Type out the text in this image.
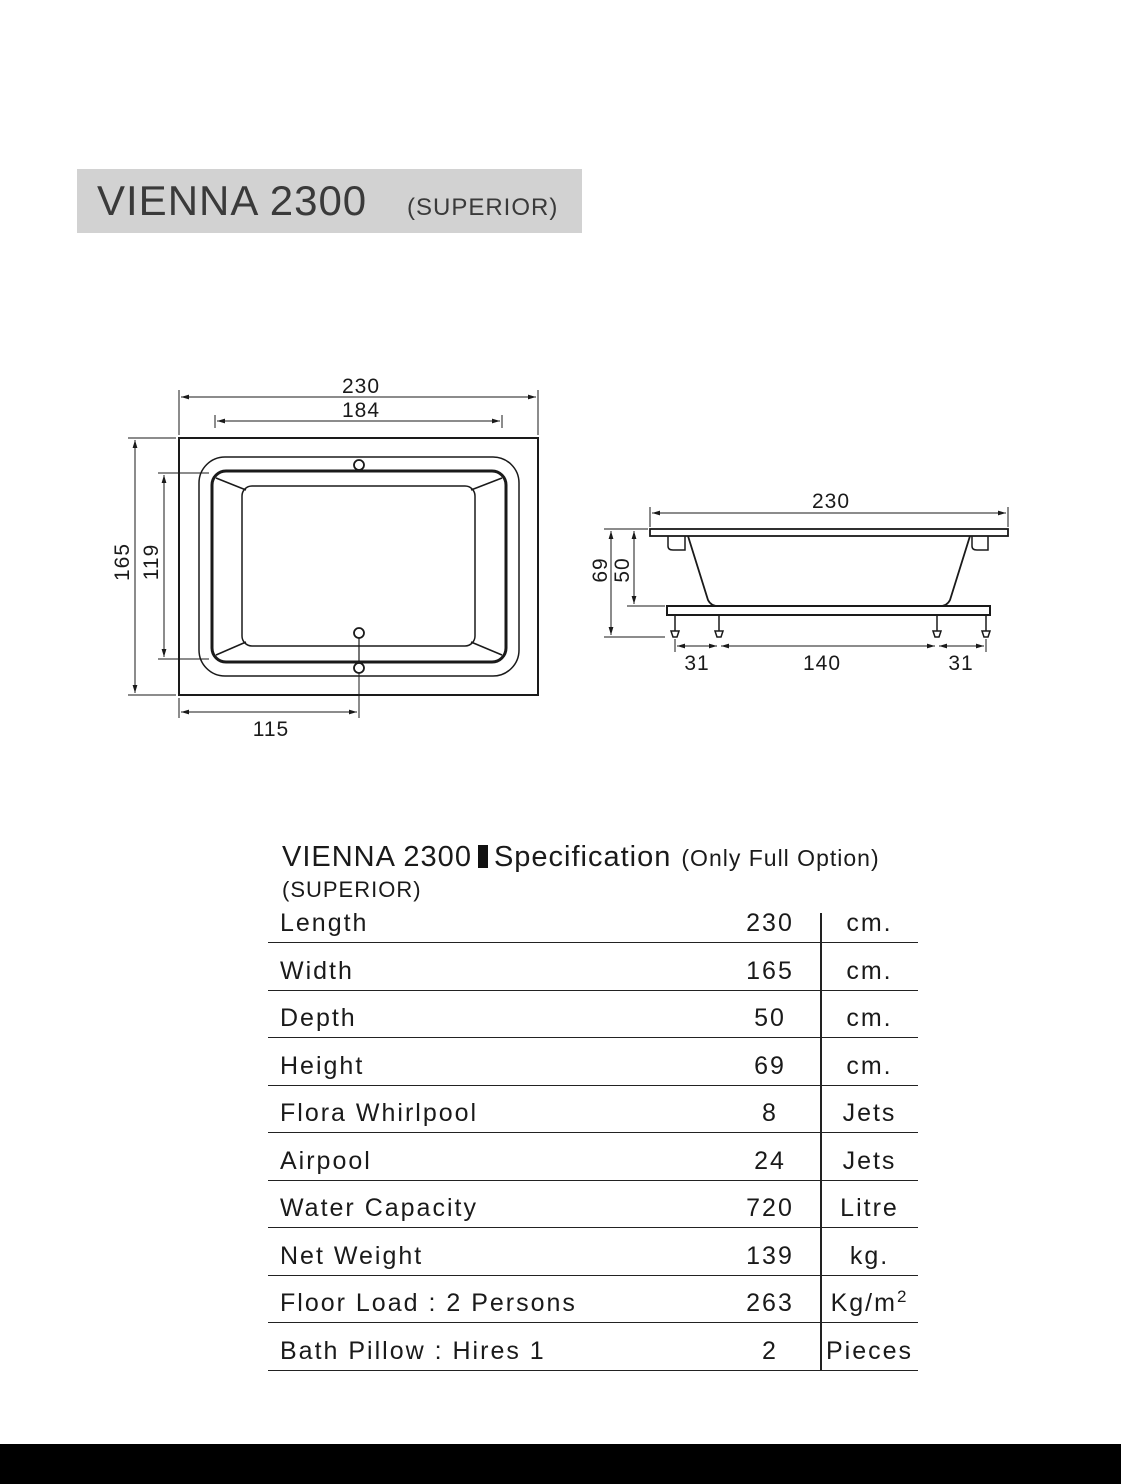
VIENNA 2300 (SUPERIOR)
230
184
165 119
115
230
69 50
31	140	31
VIENNA 2300 Specification (Only Full Option)
(SUPERIOR)
Length	230	cm.
Width	165	cm.
Depth	50	cm.
Height	69	cm.
Flora Whirlpool	8	Jets
Airpool	24	Jets
Water Capacity	720	Litre
Net Weight	139	kg.
Floor Load : 2 Persons	263	$Kg/m^2$
Bath Pillow : Hires 1	2	Pieces
